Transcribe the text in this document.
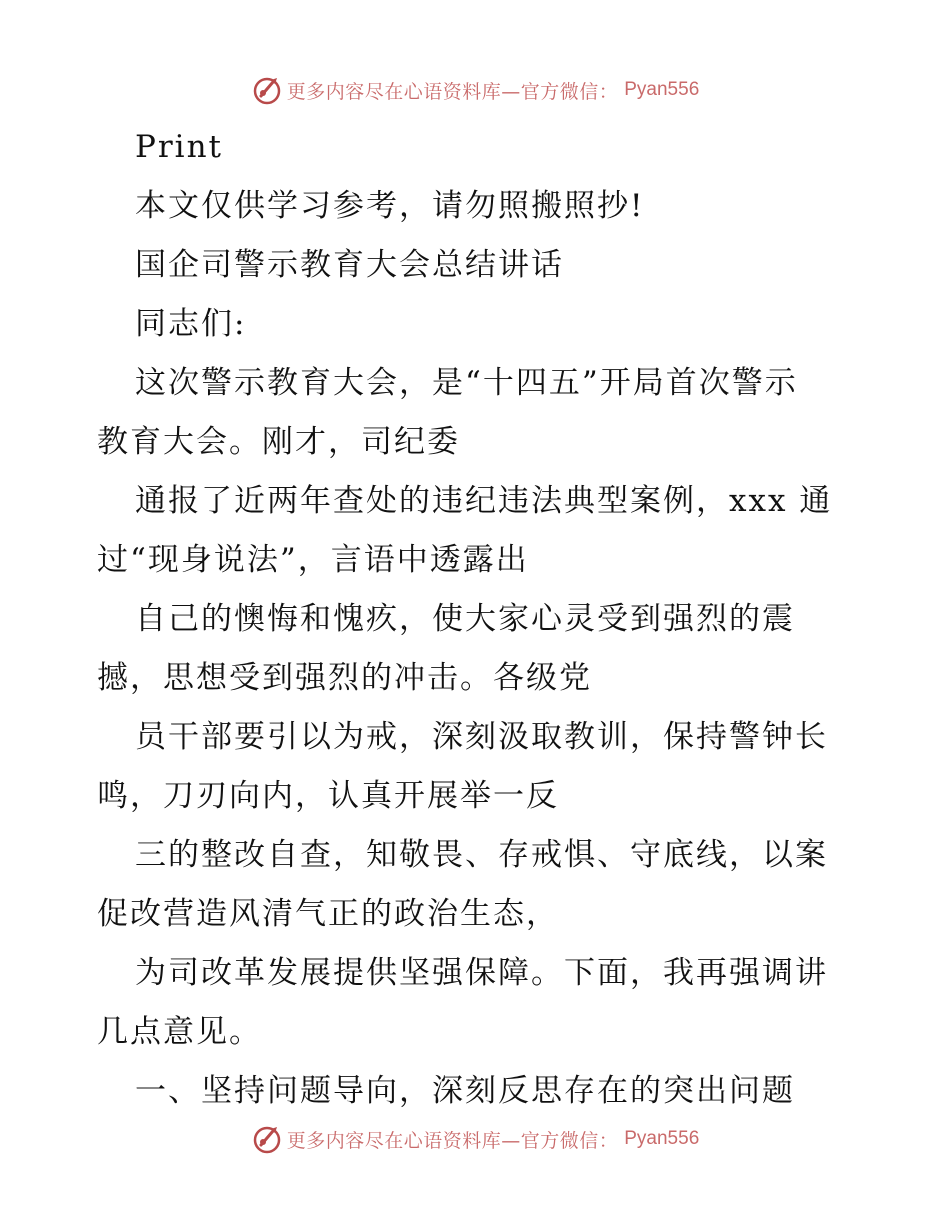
更多内容尽在心语资料库—官方微信： Pyan556

Print

本文仅供学习参考，请勿照搬照抄!

国企司警示教育大会总结讲话

同志们:

这次警示教育大会，是“十四五”开局首次警示
教育大会。刚才，司纪委

通报了近两年查处的违纪违法典型案例，xxx 通
过“现身说法”，言语中透露出

自己的懊悔和愧疚，使大家心灵受到强烈的震
撼，思想受到强烈的冲击。各级党

员干部要引以为戒，深刻汲取教训，保持警钟长
鸣，刀刃向内，认真开展举一反

三的整改自查，知敬畏、存戒惧、守底线，以案
促改营造风清气正的政治生态，

为司改革发展提供坚强保障。下面，我再强调讲
几点意见。

一、坚持问题导向，深刻反思存在的突出问题

更多内容尽在心语资料库—官方微信： Pyan556
